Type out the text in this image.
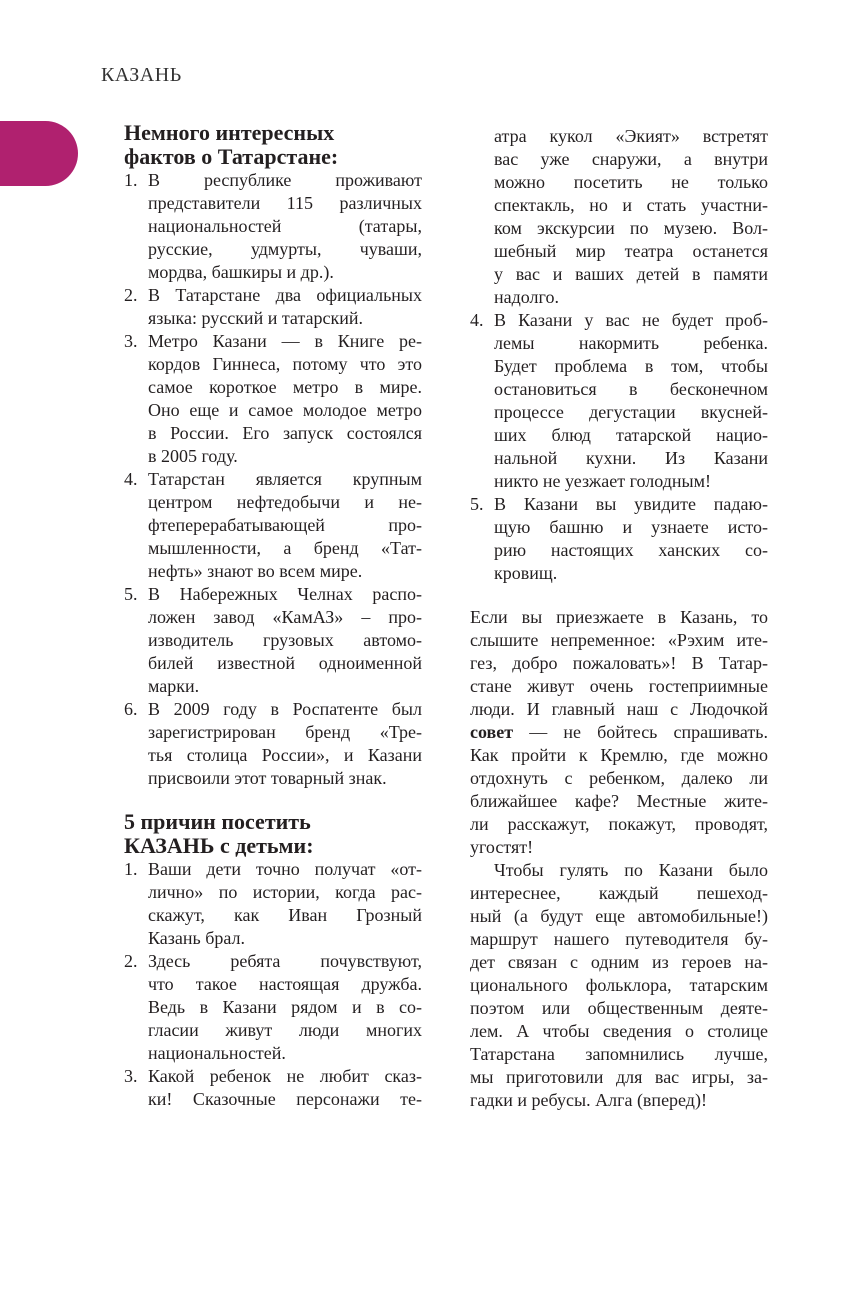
КАЗАНЬ
Немного интересных
фактов о Татарстане:
1. В республике проживают
представители 115 различных
национальностей (татары,
русские, удмурты, чуваши,
мордва, башкиры и др.).
2. В Татарстане два официальных
языка: русский и татарский.
3. Метро Казани — в Книге ре-
кордов Гиннеса, потому что это
самое короткое метро в мире.
Оно еще и самое молодое метро
в России. Его запуск состоялся
в 2005 году.
4. Татарстан является крупным
центром нефтедобычи и не-
фтеперерабатывающей про-
мышленности, а бренд «Тат-
нефть» знают во всем мире.
5. В Набережных Челнах распо-
ложен завод «КамАЗ» – про-
изводитель грузовых автомо-
билей известной одноименной
марки.
6. В 2009 году в Роспатенте был
зарегистрирован бренд «Тре-
тья столица России», и Казани
присвоили этот товарный знак.
5 причин посетить
КАЗАНЬ с детьми:
1. Ваши дети точно получат «от-
лично» по истории, когда рас-
скажут, как Иван Грозный
Казань брал.
2. Здесь ребята почувствуют,
что такое настоящая дружба.
Ведь в Казани рядом и в со-
гласии живут люди многих
национальностей.
3. Какой ребенок не любит сказ-
ки! Сказочные персонажи те-
атра кукол «Экият» встретят
вас уже снаружи, а внутри
можно посетить не только
спектакль, но и стать участни-
ком экскурсии по музею. Вол-
шебный мир театра останется
у вас и ваших детей в памяти
надолго.
4. В Казани у вас не будет проб-
лемы накормить ребенка.
Будет проблема в том, чтобы
остановиться в бесконечном
процессе дегустации вкусней-
ших блюд татарской нацио-
нальной кухни. Из Казани
никто не уезжает голодным!
5. В Казани вы увидите падаю-
щую башню и узнаете исто-
рию настоящих ханских со-
кровищ.
Если вы приезжаете в Казань, то
слышите непременное: «Рэхим ите-
гез, добро пожаловать»! В Татар-
стане живут очень гостеприимные
люди. И главный наш с Людочкой
совет — не бойтесь спрашивать.
Как пройти к Кремлю, где можно
отдохнуть с ребенком, далеко ли
ближайшее кафе? Местные жите-
ли расскажут, покажут, проводят,
угостят!
Чтобы гулять по Казани было
интереснее, каждый пешеход-
ный (а будут еще автомобильные!)
маршрут нашего путеводителя бу-
дет связан с одним из героев на-
ционального фольклора, татарским
поэтом или общественным деяте-
лем. А чтобы сведения о столице
Татарстана запомнились лучше,
мы приготовили для вас игры, за-
гадки и ребусы. Алга (вперед)!
